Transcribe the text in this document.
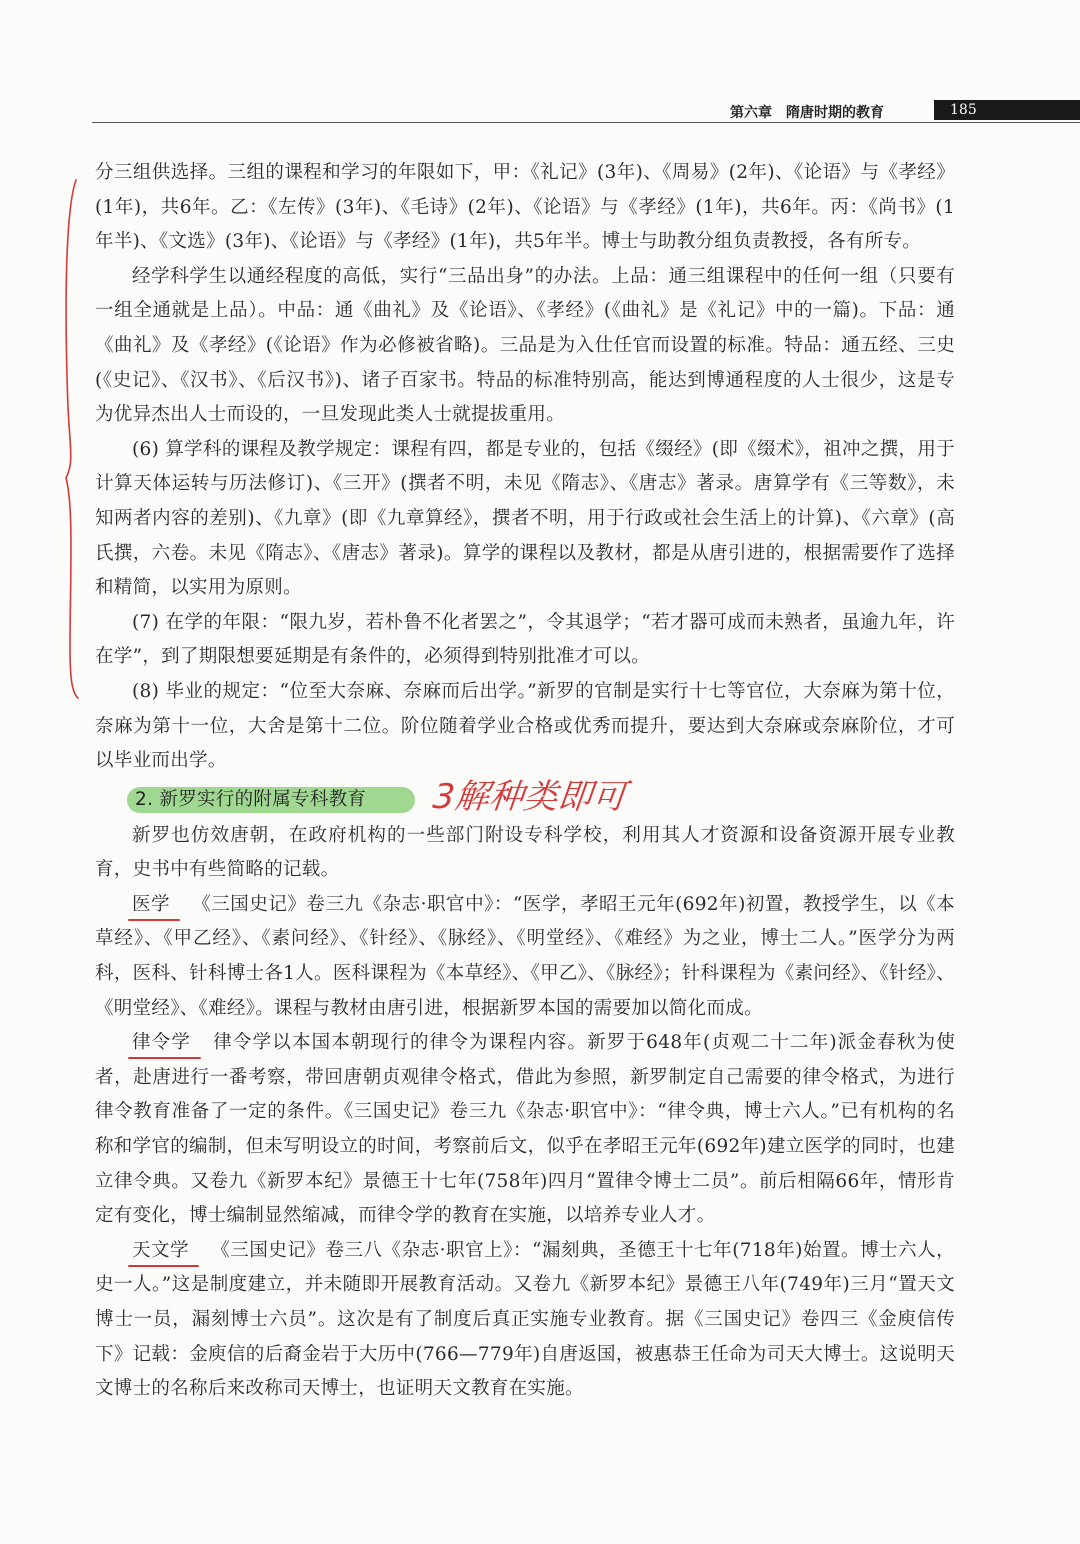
第六章　隋唐时期的教育	185

分三组供选择。三组的课程和学习的年限如下，甲：《礼记》(3年)、《周易》(2年)、《论语》与《孝经》(1年)，共6年。乙：《左传》(3年)、《毛诗》(2年)、《论语》与《孝经》(1年)，共6年。丙：《尚书》(1年半)、《文选》(3年)、《论语》与《孝经》(1年)，共5年半。博士与助教分组负责教授，各有所专。

经学科学生以通经程度的高低，实行“三品出身”的办法。上品：通三组课程中的任何一组（只要有一组全通就是上品）。中品：通《曲礼》及《论语》、《孝经》(《曲礼》是《礼记》中的一篇)。下品：通《曲礼》及《孝经》(《论语》作为必修被省略)。三品是为入仕任官而设置的标准。特品：通五经、三史(《史记》、《汉书》、《后汉书》)、诸子百家书。特品的标准特别高，能达到博通程度的人士很少，这是专为优异杰出人士而设的，一旦发现此类人士就提拔重用。

(6) 算学科的课程及教学规定：课程有四，都是专业的，包括《缀经》(即《缀术》，祖冲之撰，用于计算天体运转与历法修订)、《三开》(撰者不明，未见《隋志》、《唐志》著录。唐算学有《三等数》，未知两者内容的差别)、《九章》(即《九章算经》，撰者不明，用于行政或社会生活上的计算)、《六章》(高氏撰，六卷。未见《隋志》、《唐志》著录)。算学的课程以及教材，都是从唐引进的，根据需要作了选择和精简，以实用为原则。

(7) 在学的年限：“限九岁，若朴鲁不化者罢之”，令其退学；“若才器可成而未熟者，虽逾九年，许在学”，到了期限想要延期是有条件的，必须得到特别批准才可以。

(8) 毕业的规定：“位至大奈麻、奈麻而后出学。”新罗的官制是实行十七等官位，大奈麻为第十位，奈麻为第十一位，大舍是第十二位。阶位随着学业合格或优秀而提升，要达到大奈麻或奈麻阶位，才可以毕业而出学。

2. 新罗实行的附属专科教育 3解种类即可

新罗也仿效唐朝，在政府机构的一些部门附设专科学校，利用其人才资源和设备资源开展专业教育，史书中有些简略的记载。

医学 《三国史记》卷三九《杂志·职官中》：“医学，孝昭王元年(692年)初置，教授学生，以《本草经》、《甲乙经》、《素问经》、《针经》、《脉经》、《明堂经》、《难经》为之业，博士二人。”医学分为两科，医科、针科博士各1人。医科课程为《本草经》、《甲乙》、《脉经》；针科课程为《素问经》、《针经》、《明堂经》、《难经》。课程与教材由唐引进，根据新罗本国的需要加以简化而成。

律令学 律令学以本国本朝现行的律令为课程内容。新罗于648年(贞观二十二年)派金春秋为使者，赴唐进行一番考察，带回唐朝贞观律令格式，借此为参照，新罗制定自己需要的律令格式，为进行律令教育准备了一定的条件。《三国史记》卷三九《杂志·职官中》：“律令典，博士六人。”已有机构的名称和学官的编制，但未写明设立的时间，考察前后文，似乎在孝昭王元年(692年)建立医学的同时，也建立律令典。又卷九《新罗本纪》景德王十七年(758年)四月“置律令博士二员”。前后相隔66年，情形肯定有变化，博士编制显然缩减，而律令学的教育在实施，以培养专业人才。

天文学 《三国史记》卷三八《杂志·职官上》：“漏刻典，圣德王十七年(718年)始置。博士六人，史一人。”这是制度建立，并未随即开展教育活动。又卷九《新罗本纪》景德王八年(749年)三月“置天文博士一员，漏刻博士六员”。这次是有了制度后真正实施专业教育。据《三国史记》卷四三《金庾信传下》记载：金庾信的后裔金岩于大历中(766—779年)自唐返国，被惠恭王任命为司天大博士。这说明天文博士的名称后来改称司天博士，也证明天文教育在实施。
